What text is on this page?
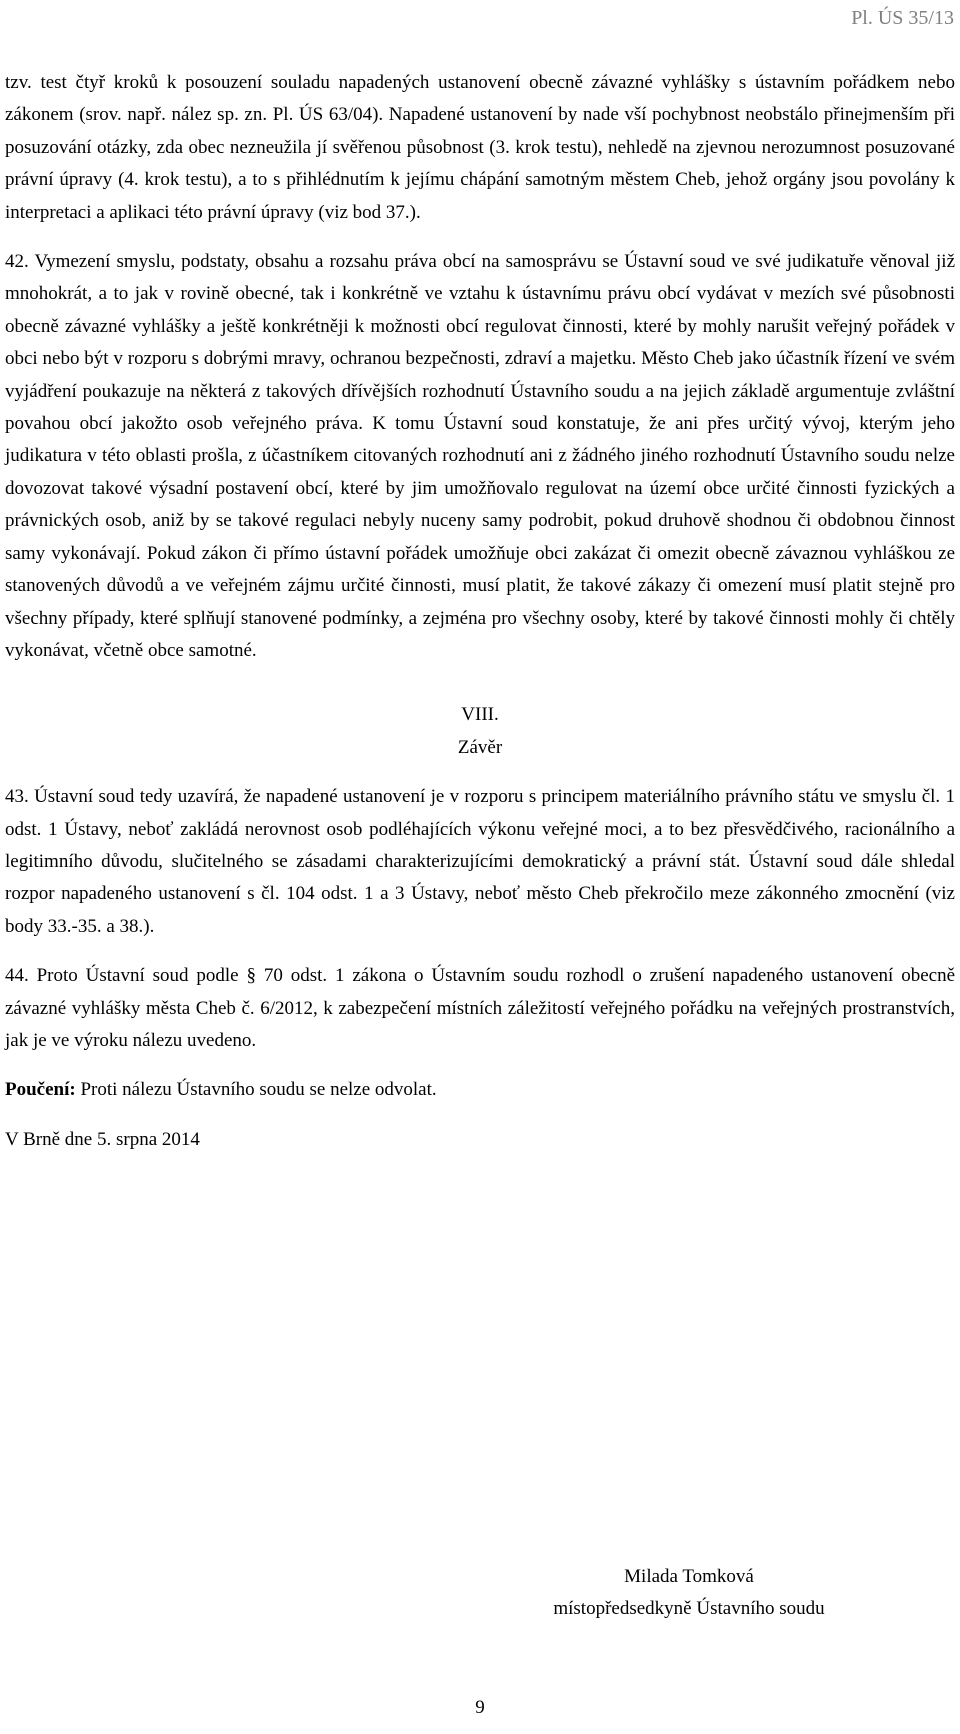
Pl. ÚS 35/13

tzv. test čtyř kroků k posouzení souladu napadených ustanovení obecně závazné vyhlášky s ústavním pořádkem nebo zákonem (srov. např. nález sp. zn. Pl. ÚS 63/04). Napadené ustanovení by nade vší pochybnost neobstálo přinejmenším při posuzování otázky, zda obec nezneužila jí svěřenou působnost (3. krok testu), nehledě na zjevnou nerozumnost posuzované právní úpravy (4. krok testu), a to s přihlédnutím k jejímu chápání samotným městem Cheb, jehož orgány jsou povolány k interpretaci a aplikaci této právní úpravy (viz bod 37.).

42. Vymezení smyslu, podstaty, obsahu a rozsahu práva obcí na samosprávu se Ústavní soud ve své judikatuře věnoval již mnohokrát, a to jak v rovině obecné, tak i konkrétně ve vztahu k ústavnímu právu obcí vydávat v mezích své působnosti obecně závazné vyhlášky a ještě konkrétněji k možnosti obcí regulovat činnosti, které by mohly narušit veřejný pořádek v obci nebo být v rozporu s dobrými mravy, ochranou bezpečnosti, zdraví a majetku. Město Cheb jako účastník řízení ve svém vyjádření poukazuje na některá z takových dřívějších rozhodnutí Ústavního soudu a na jejich základě argumentuje zvláštní povahou obcí jakožto osob veřejného práva. K tomu Ústavní soud konstatuje, že ani přes určitý vývoj, kterým jeho judikatura v této oblasti prošla, z účastníkem citovaných rozhodnutí ani z žádného jiného rozhodnutí Ústavního soudu nelze dovozovat takové výsadní postavení obcí, které by jim umožňovalo regulovat na území obce určité činnosti fyzických a právnických osob, aniž by se takové regulaci nebyly nuceny samy podrobit, pokud druhově shodnou či obdobnou činnost samy vykonávají. Pokud zákon či přímo ústavní pořádek umožňuje obci zakázat či omezit obecně závaznou vyhláškou ze stanovených důvodů a ve veřejném zájmu určité činnosti, musí platit, že takové zákazy či omezení musí platit stejně pro všechny případy, které splňují stanovené podmínky, a zejména pro všechny osoby, které by takové činnosti mohly či chtěly vykonávat, včetně obce samotné.

VIII.

Závěr

43. Ústavní soud tedy uzavírá, že napadené ustanovení je v rozporu s principem materiálního právního státu ve smyslu čl. 1 odst. 1 Ústavy, neboť zakládá nerovnost osob podléhajících výkonu veřejné moci, a to bez přesvědčivého, racionálního a legitimního důvodu, slučitelného se zásadami charakterizujícími demokratický a právní stát. Ústavní soud dále shledal rozpor napadeného ustanovení s čl. 104 odst. 1 a 3 Ústavy, neboť město Cheb překročilo meze zákonného zmocnění (viz body 33.-35. a 38.).

44. Proto Ústavní soud podle § 70 odst. 1 zákona o Ústavním soudu rozhodl o zrušení napadeného ustanovení obecně závazné vyhlášky města Cheb č. 6/2012, k zabezpečení místních záležitostí veřejného pořádku na veřejných prostranstvích, jak je ve výroku nálezu uvedeno.

Poučení: Proti nálezu Ústavního soudu se nelze odvolat.

V Brně dne 5. srpna 2014

Milada Tomková
místopředsedkyně Ústavního soudu
9
